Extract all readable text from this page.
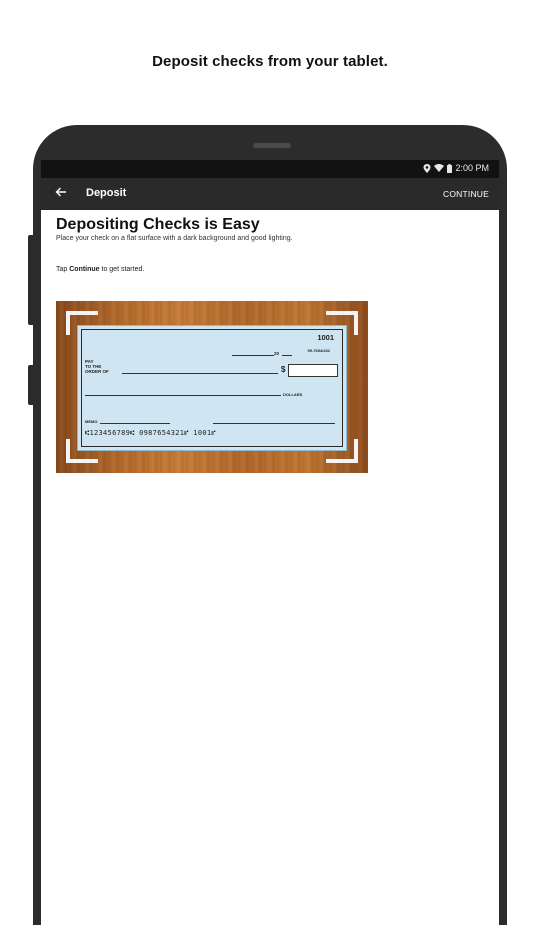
Deposit checks from your tablet.
2:00 PM
Deposit	CONTINUE
Depositing Checks is Easy
Place your check on a flat surface with a dark background and good lighting.
Tap Continue to get started.
1001
20
99-7654/432
PAY
TO THE
ORDER OF	$
DOLLARS
MEMO
⑆123456789⑆ 0987654321⑈ 1001⑈
